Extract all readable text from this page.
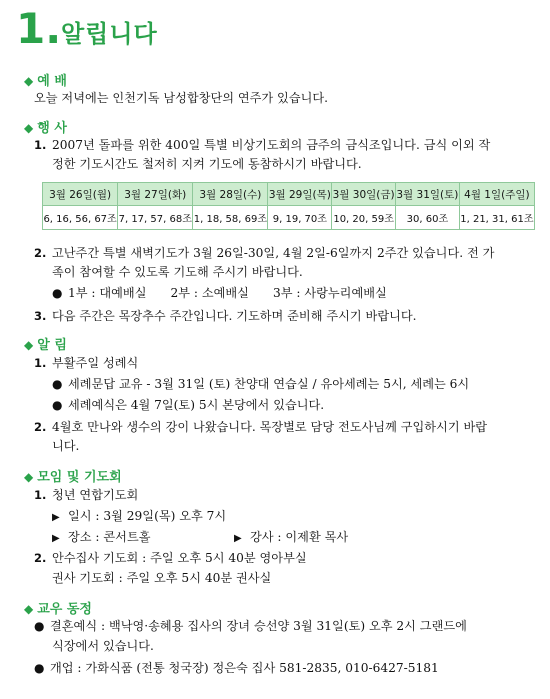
1. 알립니다
◆ 예 배
오늘 저녁에는 인천기독 남성합창단의 연주가 있습니다.
◆ 행 사
1. 2007년 돌파를 위한 400일 특별 비상기도회의 금주의 금식조입니다. 금식 이외 작
정한 기도시간도 철저히 지켜 기도에 동참하시기 바랍니다.
3월 26일(월)	3월 27일(화)	3월 28일(수)	3월 29일(목)	3월 30일(금)	3월 31일(토)	4월 1일(주일)
6, 16, 56, 67조	7, 17, 57, 68조	1, 18, 58, 69조	9, 19, 70조	10, 20, 59조	30, 60조	1, 21, 31, 61조
2. 고난주간 특별 새벽기도가 3월 26일-30일, 4월 2일-6일까지 2주간 있습니다. 전 가
족이 참여할 수 있도록 기도해 주시기 바랍니다.
● 1부 : 대예배실 2부 : 소예배실 3부 : 사랑누리예배실
3. 다음 주간은 목장추수 주간입니다. 기도하며 준비해 주시기 바랍니다.
◆ 알 림
1. 부활주일 성례식
● 세례문답 교유 - 3월 31일 (토) 찬양대 연습실 / 유아세례는 5시, 세례는 6시
● 세례예식은 4월 7일(토) 5시 본당에서 있습니다.
2. 4월호 만나와 생수의 강이 나왔습니다. 목장별로 담당 전도사님께 구입하시기 바랍
니다.
◆ 모임 및 기도회
1. 청년 연합기도회
▶ 일시 : 3월 29일(목) 오후 7시
▶ 장소 : 콘서트홀	▶ 강사 : 이제환 목사
2. 안수집사 기도회 : 주일 오후 5시 40분 영아부실
권사 기도회 : 주일 오후 5시 40분 권사실
◆ 교우 동정
● 결혼예식 : 백낙영·송혜용 집사의 장녀 승선양 3월 31일(토) 오후 2시 그랜드에
식장에서 있습니다.
● 개업 : 가화식품 (전통 청국장) 정은숙 집사 581-2835, 010-6427-5181
